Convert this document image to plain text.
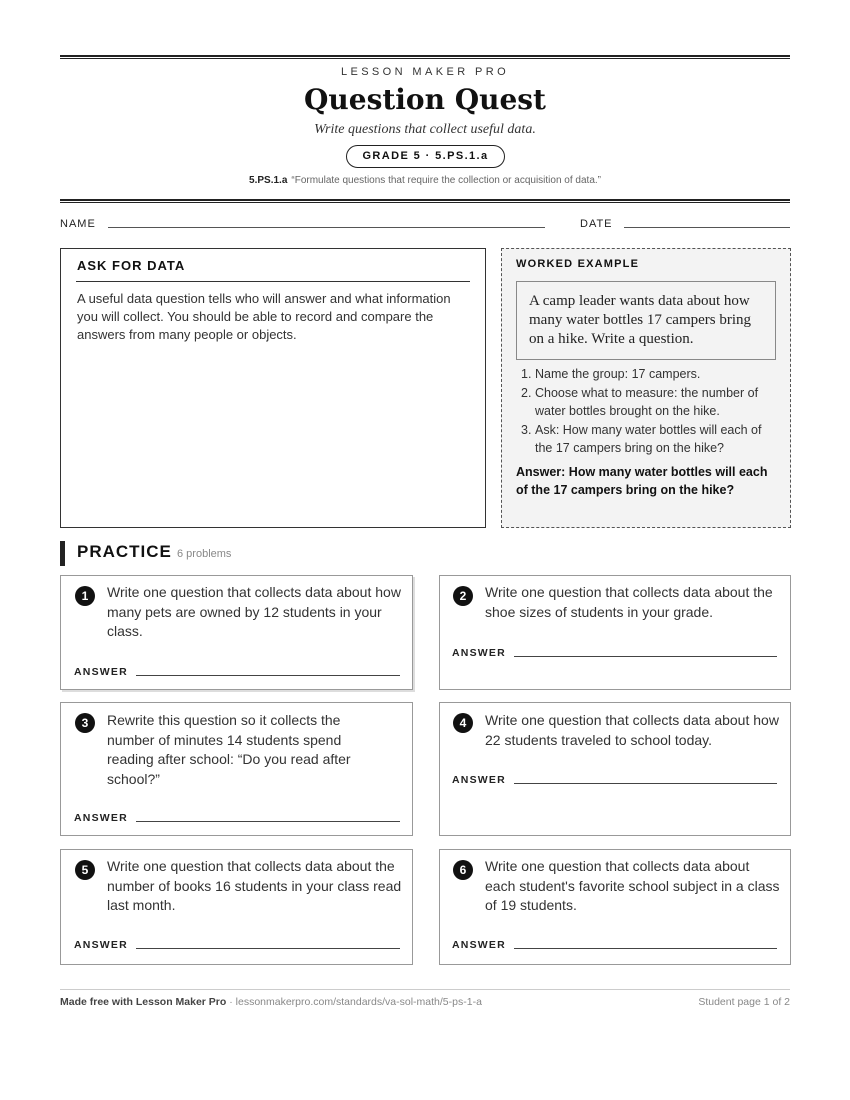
LESSON MAKER PRO
Question Quest
Write questions that collect useful data.
GRADE 5 · 5.PS.1.a
5.PS.1.a “Formulate questions that require the collection or acquisition of data.”
NAME	DATE
ASK FOR DATA
A useful data question tells who will answer and what information you will collect. You should be able to record and compare the answers from many people or objects.
WORKED EXAMPLE
A camp leader wants data about how many water bottles 17 campers bring on a hike. Write a question.
1. Name the group: 17 campers.
2. Choose what to measure: the number of water bottles brought on the hike.
3. Ask: How many water bottles will each of the 17 campers bring on the hike?
Answer: How many water bottles will each of the 17 campers bring on the hike?
PRACTICE 6 problems
1	Write one question that collects data about how many pets are owned by 12 students in your class.
ANSWER
2	Write one question that collects data about the shoe sizes of students in your grade.
ANSWER
3	Rewrite this question so it collects the number of minutes 14 students spend reading after school: “Do you read after school?”
ANSWER
4	Write one question that collects data about how 22 students traveled to school today.
ANSWER
5	Write one question that collects data about the number of books 16 students in your class read last month.
ANSWER
6	Write one question that collects data about each student's favorite school subject in a class of 19 students.
ANSWER
Made free with Lesson Maker Pro · lessonmakerpro.com/standards/va-sol-math/5-ps-1-a	Student page 1 of 2
